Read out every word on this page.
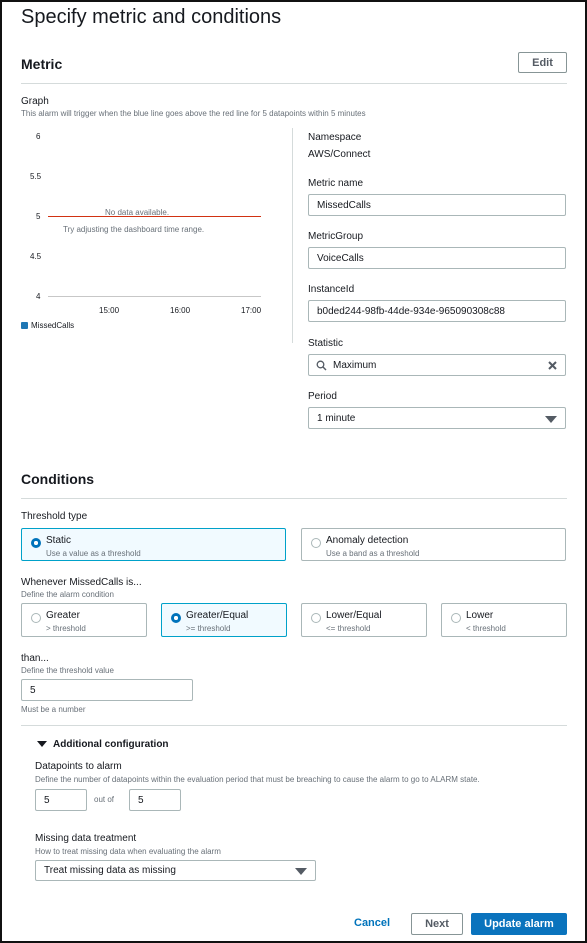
Specify metric and conditions
Metric	Edit
Graph
This alarm will trigger when the blue line goes above the red line for 5 datapoints within 5 minutes
6
5.5
5
4.5
4
15:00	16:00	17:00
No data available.
Try adjusting the dashboard time range.
MissedCalls
Namespace
AWS/Connect
Metric name
MissedCalls
MetricGroup
VoiceCalls
InstanceId
b0ded244-98fb-44de-934e-965090308c88
Statistic
Maximum
Period
1 minute
Conditions
Threshold type
Static
Use a value as a threshold
Anomaly detection
Use a band as a threshold
Whenever MissedCalls is...
Define the alarm condition
Greater
> threshold
Greater/Equal
>= threshold
Lower/Equal
<= threshold
Lower
< threshold
than...
Define the threshold value
5
Must be a number
Additional configuration
Datapoints to alarm
Define the number of datapoints within the evaluation period that must be breaching to cause the alarm to go to ALARM state.
5	out of	5
Missing data treatment
How to treat missing data when evaluating the alarm
Treat missing data as missing
Cancel	Next	Update alarm
